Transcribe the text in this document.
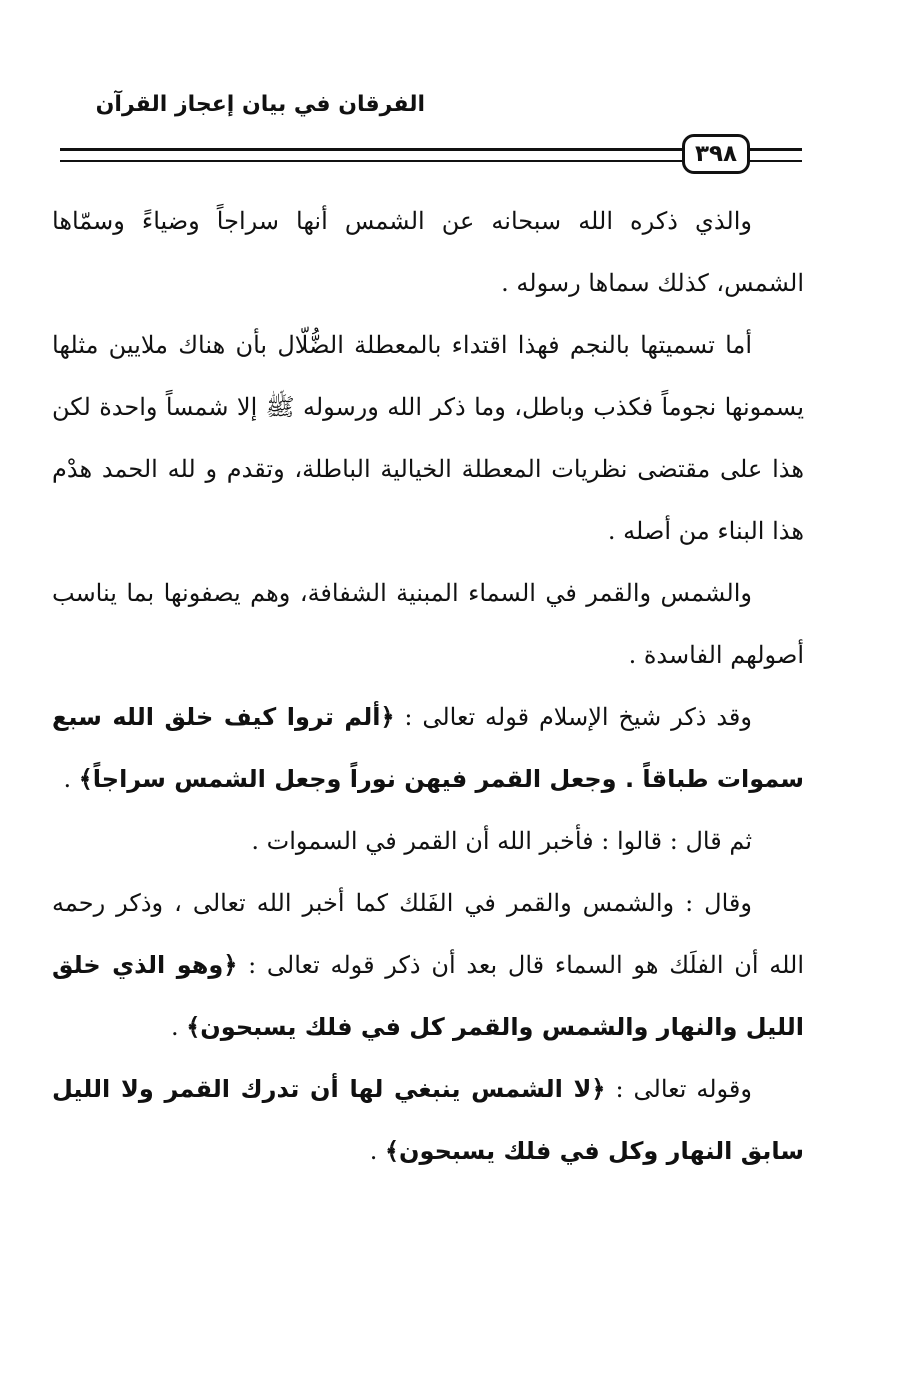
الفرقان في بيان إعجاز القرآن
٣٩٨

والذي ذكره الله سبحانه عن الشمس أنها سراجاً وضياءً وسمّاها الشمس، كذلك سماها رسوله .

أما تسميتها بالنجم فهذا اقتداء بالمعطلة الضُّلّال بأن هناك ملايين مثلها يسمونها نجوماً فكذب وباطل، وما ذكر الله ورسوله ﷺ إلا شمساً واحدة لكن هذا على مقتضى نظريات المعطلة الخيالية الباطلة، وتقدم و لله الحمد هدْم هذا البناء من أصله .

والشمس والقمر في السماء المبنية الشفافة، وهم يصفونها بما يناسب أصولهم الفاسدة .

وقد ذكر شيخ الإسلام قوله تعالى : ﴿ألم تروا كيف خلق الله سبع سموات طباقاً . وجعل القمر فيهن نوراً وجعل الشمس سراجاً﴾ .

ثم قال : قالوا : فأخبر الله أن القمر في السموات .

وقال : والشمس والقمر في الفَلك كما أخبر الله تعالى ، وذكر رحمه الله أن الفلَك هو السماء قال بعد أن ذكر قوله تعالى : ﴿وهو الذي خلق الليل والنهار والشمس والقمر كل في فلك يسبحون﴾ .

وقوله تعالى : ﴿لا الشمس ينبغي لها أن تدرك القمر ولا الليل سابق النهار وكل في فلك يسبحون﴾ .
